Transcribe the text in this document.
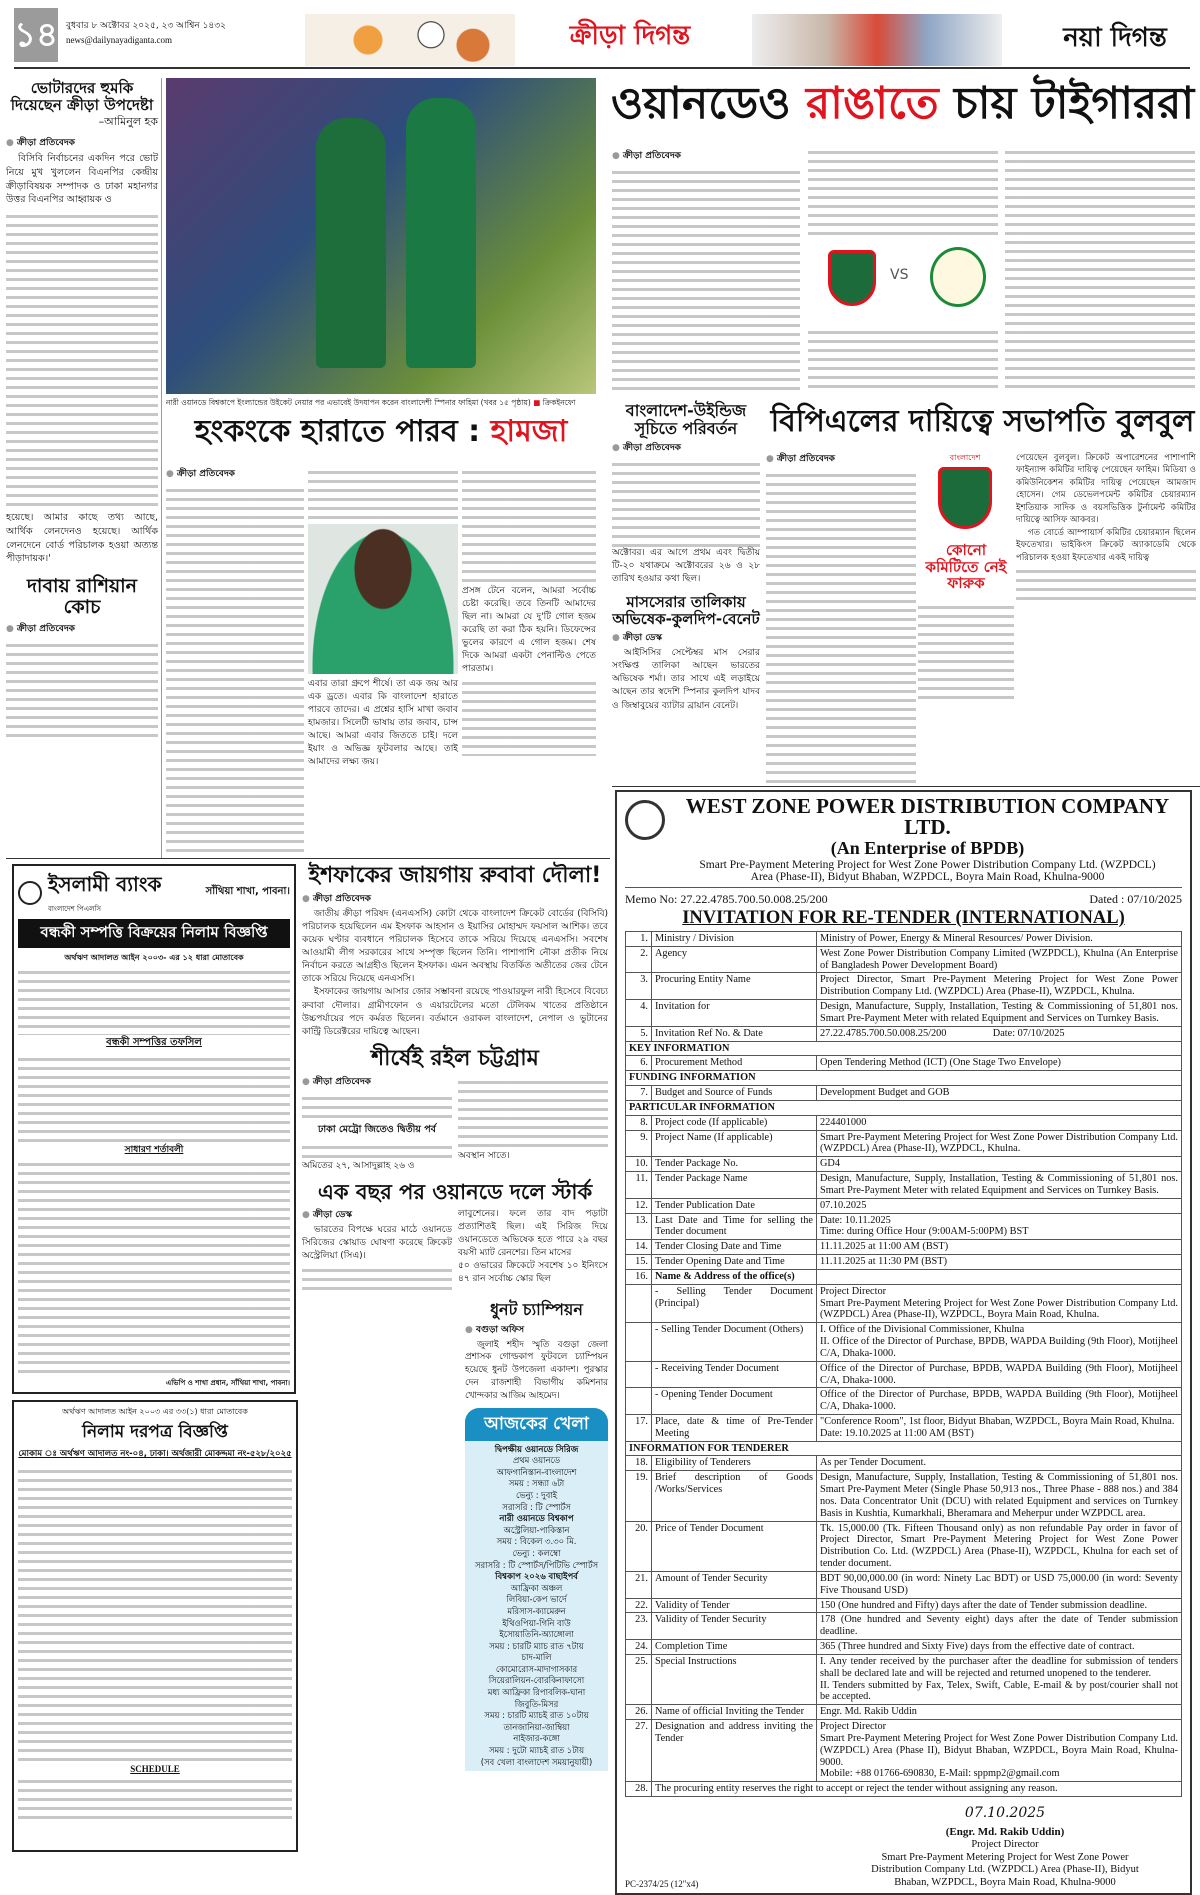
১৪ বুধবার ৮ অক্টোবর ২০২৫, ২৩ আশ্বিন ১৪৩২
news@dailynayadiganta.com	ক্রীড়া দিগন্ত	নয়া দিগন্ত
ভোটারদের হুমকি দিয়েছেন ক্রীড়া উপদেষ্টা
–আমিনুল হক
● ক্রীড়া প্রতিবেদক
বিসিবি নির্বাচনের একদিন পরে ভোট নিয়ে মুখ খুললেন বিএনপির কেন্দ্রীয় ক্রীড়াবিষয়ক সম্পাদক ও ঢাকা মহানগর উত্তর বিএনপির আহ্বায়ক ও
হয়েছে। আমার কাছে তথ্য আছে, আর্থিক লেনদেনও হয়েছে। আর্থিক লেনদেনে বোর্ড পরিচালক হওয়া অত্যন্ত পীড়াদায়ক।'
দাবায় রাশিয়ান কোচ
● ক্রীড়া প্রতিবেদক
নারী ওয়ানডে বিশ্বকাপে ইংল্যান্ডের উইকেট নেয়ার পর এভাবেই উদযাপন করেন বাংলাদেশী স্পিনার ফাহিমা (খবর ১৫ পৃষ্ঠায়) ■ ক্রিকইনফো
ওয়ানডেও রাঙাতে চায় টাইগাররা
● ক্রীড়া প্রতিবেদক
VS
হংকংকে হারাতে পারব : হামজা
● ক্রীড়া প্রতিবেদক
এবার তারা গ্রুপে শীর্ষে। তা এক জয় আর এক ড্রতে। এবার কি বাংলাদেশ হারাতে পারবে তাদের। এ প্রশ্নের হাসি মাখা জবাব হামজার। সিলেটী ভাষায় তার জবাব, চান্স আছে। আমরা এবার জিততে চাই। দলে ইয়াং ও অভিজ্ঞ ফুটবলার আছে। তাই আমাদের লক্ষ্য জয়।
প্রসঙ্গ টেনে বলেন, আমরা সর্বোচ্চ চেষ্টা করেছি। তবে তিনটি আমাদের ছিল না। আমরা যে দু'টি গোল হজম করেছি তা করা ঠিক হয়নি। ডিফেন্সের ভুলের কারণে এ গোল হজম। শেষ দিকে আমরা একটা পেনাল্টিও পেতে পারতাম।
বাংলাদেশ-উইন্ডিজ সূচিতে পরিবর্তন
● ক্রীড়া প্রতিবেদক
অক্টোবর। এর আগে প্রথম এবং দ্বিতীয় টি-২০ যথাক্রমে অক্টোবরের ২৬ ও ২৮ তারিখ হওয়ার কথা ছিল।
মাসসেরার তালিকায় অভিষেক-কুলদিপ-বেনেট
● ক্রীড়া ডেস্ক
আইসিসির সেপ্টেম্বর মাস সেরার সংক্ষিপ্ত তালিকা আছেন ভারতের অভিষেক শর্মা। তার সাথে এই লড়াইয়ে আছেন তার স্বদেশি স্পিনার কুলদিপ যাদব ও জিম্বাবুয়ের ব্যাটার ব্রায়ান বেনেট।
বিপিএলের দায়িত্বে সভাপতি বুলবুল
● ক্রীড়া প্রতিবেদক	বাংলাদেশ
কোনো কমিটিতে নেই ফারুক
পেয়েছেন বুলবুল। ক্রিকেট অপারেশনের পাশাপাশি ফাইন্যান্স কমিটির দায়িত্ব পেয়েছেন ফাহিম। মিডিয়া ও কমিউনিকেশন কমিটির দায়িত্ব পেয়েছেন আমজাদ হোসেন। গেম ডেভেলপমেন্ট কমিটির চেয়ারম্যান ইশতিয়াক সাদিক ও বয়সভিত্তিক টুর্নামেন্ট কমিটির দায়িত্বে আসিফ আকবর।
গত বোর্ডে আম্পায়ার্স কমিটির চেয়ারম্যান ছিলেন ইফতেখার। ভাইকিংস ক্রিকেট অ্যাকাডেমি থেকে পরিচালক হওয়া ইফতেখার একই দায়িত্ব
ইসলামী ব্যাংক
বাংলাদেশ পিএলসি
সাঁথিয়া শাখা, পাবনা।
বন্ধকী সম্পত্তি বিক্রয়ের নিলাম বিজ্ঞপ্তি
অর্থঋণ আদালত আইন ২০০৩- এর ১২ ধারা মোতাবেক
বন্ধকী সম্পত্তির তফসিল
সাধারণ শর্তাবলী
এভিপি ও শাখা প্রধান, সাঁথিয়া শাখা, পাবনা।
ইশফাকের জায়গায় রুবাবা দৌলা!
● ক্রীড়া প্রতিবেদক
জাতীয় ক্রীড়া পরিষদ (এনএসসি) কোটা থেকে বাংলাদেশ ক্রিকেট বোর্ডের (বিসিবি) পরিচালক হয়েছিলেন এম ইসফাক আহসান ও ইয়াসির মোহাম্মদ ফয়সাল আশিক। তবে কয়েক ঘণ্টার ব্যবধানে পরিচালক হিসেবে তাকে সরিয়ে দিয়েছে এনএসসি। সবশেষ আওয়ামী লীগ সরকারের সাথে সম্পৃক্ত ছিলেন তিনি। পাশাপাশি নৌকা প্রতীক নিয়ে নির্বাচন করতে আগ্রহীও ছিলেন ইসফাক। এমন অবস্থায় বিতর্কিত অতীতের জের টেনে তাকে সরিয়ে দিয়েছে এনএসসি।
ইসফাকের জায়গায় আসার জোর সম্ভাবনা রয়েছে পাওয়ারফুল নারী হিসেবে বিবেচ্য রুবাবা দৌলার। গ্রামীণফোন ও এয়ারটেলের মতো টেলিকম খাতের প্রতিষ্ঠানে উচ্চপর্যায়ের পদে কর্মরত ছিলেন। বর্তমানে ওরাকল বাংলাদেশ, নেপাল ও ভুটানের কান্ট্রি ডিরেক্টরের দায়িত্বে আছেন।
শীর্ষেই রইল চট্টগ্রাম
● ক্রীড়া প্রতিবেদক
ঢাকা মেট্রো জিতেও দ্বিতীয় পর্ব
অমিতের ২৭, আসাদুল্লাহ ২৬ ও
অবস্থান সাতে।
এক বছর পর ওয়ানডে দলে স্টার্ক
● ক্রীড়া ডেস্ক
ভারতের বিপক্ষে ঘরের মাঠে ওয়ানডে সিরিজের স্কোয়াড ঘোষণা করেছে ক্রিকেট অস্ট্রেলিয়া (সিএ)।
লাবুশেনের। ফলে তার বাদ পড়াটা প্রত্যাশিতই ছিল। এই সিরিজ দিয়ে ওয়ানডেতে অভিষেক হতে পারে ২৯ বছর বয়সী ম্যাট রেনশের। তিন মাসের
৫০ ওভারের ক্রিকেটে সবশেষ ১০ ইনিংসে ৪৭ রান সর্বোচ্চ স্কোর ছিল
ধুনট চ্যাম্পিয়ন
● বগুড়া অফিস
জুলাই শহীদ স্মৃতি বগুড়া জেলা প্রশাসক গোল্ডকাপ ফুটবলে চ্যাম্পিয়ন হয়েছে ধুনট উপজেলা একাদশ। পুরস্কার দেন রাজশাহী বিভাগীয় কমিশনার খোন্দকার আজিম আহমেদ।
আজকের খেলা
দ্বিপক্ষীয় ওয়ানডে সিরিজ
প্রথম ওয়ানডে
আফগানিস্তান-বাংলাদেশ
সময় : সন্ধ্যা ৬টা
ভেন্যু : দুবাই
সরাসরি : টি স্পোর্টস
নারী ওয়ানডে বিশ্বকাপ
অস্ট্রেলিয়া-পাকিস্তান
সময় : বিকেল ৩.৩০ মি.
ভেন্যু : কলম্বো
সরাসরি : টি স্পোর্টস/পিটিভি স্পোর্টস
বিশ্বকাপ ২০২৬ বাছাইপর্ব
আফ্রিকা অঞ্চল
লিবিয়া-কেপ ভার্দে
মরিসাস-ক্যামেরুন
ইথিওপিয়া-গিনি বাউ
ইসোয়াতিনি-অ্যাঙ্গোলা
সময় : চারটি ম্যাচ রাত ৭টায়
চাদ-মালি
কোমোরোস-মাদাগাসকার
সিয়েরালিয়ন-বোরকিনাফাসো
মধ্য আফ্রিকা রিপাবলিক-ঘানা
জিবুতি-মিসর
সময় : চারটি ম্যাচই রাত ১০টায়
তানজানিয়া-জাম্বিয়া
নাইজার-কঙ্গো
সময় : দুটো ম্যাচই রাত ১টায়
(সব খেলা বাংলাদেশ সময়ানুযায়ী)
অর্থঋণ আদালত আইন ২০০৩ এর ৩৩(১) ধারা মোতাবেক
নিলাম দরপত্র বিজ্ঞপ্তি
মোকাম ঃ অর্থঋণ আদালত নং-০৪, ঢাকা। অর্থজারী মোকদ্দমা নং-৫২৮/২০২৫
SCHEDULE
WEST ZONE POWER DISTRIBUTION COMPANY LTD.
(An Enterprise of BPDB)
Smart Pre-Payment Metering Project for West Zone Power Distribution Company Ltd. (WZPDCL)
Area (Phase-II), Bidyut Bhaban, WZPDCL, Boyra Main Road, Khulna-9000
Memo No: 27.22.4785.700.50.008.25/200	Dated : 07/10/2025
INVITATION FOR RE-TENDER (INTERNATIONAL)
1.	Ministry / Division	Ministry of Power, Energy & Mineral Resources/ Power Division.
2.	Agency	West Zone Power Distribution Company Limited (WZPDCL), Khulna (An Enterprise of Bangladesh Power Development Board)
3.	Procuring Entity Name	Project Director, Smart Pre-Payment Metering Project for West Zone Power Distribution Company Ltd. (WZPDCL) Area (Phase-II), WZPDCL, Khulna.
4.	Invitation for	Design, Manufacture, Supply, Installation, Testing & Commissioning of 51,801 nos. Smart Pre-Payment Meter with related Equipment and Services on Turnkey Basis.
5.	Invitation Ref No. & Date	27.22.4785.700.50.008.25/200      Date: 07/10/2025
KEY INFORMATION		
6.	Procurement Method	Open Tendering Method (ICT) (One Stage Two Envelope)
FUNDING INFORMATION		
7.	Budget and Source of Funds	Development Budget and GOB
PARTICULAR INFORMATION		
8.	Project code (If applicable)	224401000
9.	Project Name (If applicable)	Smart Pre-Payment Metering Project for West Zone Power Distribution Company Ltd. (WZPDCL) Area (Phase-II), WZPDCL, Khulna.
10.	Tender Package No.	GD4
11.	Tender Package Name	Design, Manufacture, Supply, Installation, Testing & Commissioning of 51,801 nos. Smart Pre-Payment Meter with related Equipment and Services on Turnkey Basis.
12.	Tender Publication Date	07.10.2025
13.	Last Date and Time for selling the Tender document	Date: 10.11.2025
Time: during Office Hour (9:00AM-5:00PM) BST
14.	Tender Closing Date and Time	11.11.2025 at 11:00 AM (BST)
15.	Tender Opening Date and Time	11.11.2025 at 11:30 PM (BST)
16.	Name & Address of the office(s)	
	- Selling Tender Document (Principal)	Project Director
Smart Pre-Payment Metering Project for West Zone Power Distribution Company Ltd. (WZPDCL) Area (Phase-II), WZPDCL, Boyra Main Road, Khulna.
	- Selling Tender Document (Others)	I. Office of the Divisional Commissioner, Khulna
II. Office of the Director of Purchase, BPDB, WAPDA Building (9th Floor), Motijheel C/A, Dhaka-1000.
	- Receiving Tender Document	Office of the Director of Purchase, BPDB, WAPDA Building (9th Floor), Motijheel C/A, Dhaka-1000.
	- Opening Tender Document	Office of the Director of Purchase, BPDB, WAPDA Building (9th Floor), Motijheel C/A, Dhaka-1000.
17.	Place, date & time of Pre-Tender Meeting	"Conference Room", 1st floor, Bidyut Bhaban, WZPDCL, Boyra Main Road, Khulna.
Date: 19.10.2025 at 11:00 AM (BST)
INFORMATION FOR TENDERER		
18.	Eligibility of Tenderers	As per Tender Document.
19.	Brief description of Goods /Works/Services	Design, Manufacture, Supply, Installation, Testing & Commissioning of 51,801 nos. Smart Pre-Payment Meter (Single Phase 50,913 nos., Three Phase - 888 nos.) and 384 nos. Data Concentrator Unit (DCU) with related Equipment and services on Turnkey Basis in Kushtia, Kumarkhali, Bheramara and Meherpur under WZPDCL area.
20.	Price of Tender Document	Tk. 15,000.00 (Tk. Fifteen Thousand only) as non refundable Pay order in favor of Project Director, Smart Pre-Payment Metering Project for West Zone Power Distribution Co. Ltd. (WZPDCL) Area (Phase-II), WZPDCL, Khulna for each set of tender document.
21.	Amount of Tender Security	BDT 90,00,000.00 (in word: Ninety Lac BDT) or USD 75,000.00 (in word: Seventy Five Thousand USD)
22.	Validity of Tender	150 (One hundred and Fifty) days after the date of Tender submission deadline.
23.	Validity of Tender Security	178 (One hundred and Seventy eight) days after the date of Tender submission deadline.
24.	Completion Time	365 (Three hundred and Sixty Five) days from the effective date of contract.
25.	Special Instructions	I. Any tender received by the purchaser after the deadline for submission of tenders shall be declared late and will be rejected and returned unopened to the tenderer.
II. Tenders submitted by Fax, Telex, Swift, Cable, E-mail & by post/courier shall not be accepted.
26.	Name of official Inviting the Tender	Engr. Md. Rakib Uddin
27.	Designation and address inviting the Tender	Project Director
Smart Pre-Payment Metering Project for West Zone Power Distribution Company Ltd. (WZPDCL) Area (Phase II), Bidyut Bhaban, WZPDCL, Boyra Main Road, Khulna-9000.
Mobile: +88 01766-690830, E-Mail: sppmp2@gmail.com
28.	The procuring entity reserves the right to accept or reject the tender without assigning any reason.	
PC-2374/25 (12"x4)
07.10.2025
(Engr. Md. Rakib Uddin)
Project Director
Smart Pre-Payment Metering Project for West Zone Power Distribution Company Ltd. (WZPDCL) Area (Phase-II), Bidyut Bhaban, WZPDCL, Boyra Main Road, Khulna-9000
